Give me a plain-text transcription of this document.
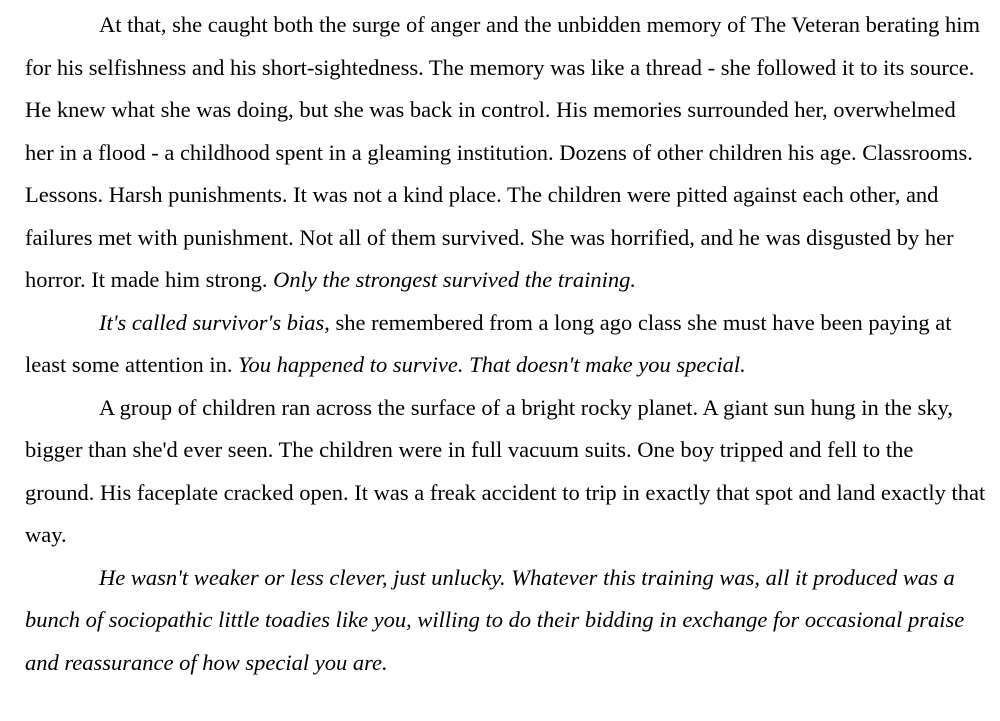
At that, she caught both the surge of anger and the unbidden memory of The Veteran berating him for his selfishness and his short-sightedness. The memory was like a thread - she followed it to its source. He knew what she was doing, but she was back in control. His memories surrounded her, overwhelmed her in a flood - a childhood spent in a gleaming institution. Dozens of other children his age. Classrooms. Lessons. Harsh punishments. It was not a kind place. The children were pitted against each other, and failures met with punishment. Not all of them survived. She was horrified, and he was disgusted by her horror. It made him strong. Only the strongest survived the training.

It's called survivor's bias, she remembered from a long ago class she must have been paying at least some attention in. You happened to survive. That doesn't make you special.

A group of children ran across the surface of a bright rocky planet. A giant sun hung in the sky, bigger than she'd ever seen. The children were in full vacuum suits. One boy tripped and fell to the ground. His faceplate cracked open. It was a freak accident to trip in exactly that spot and land exactly that way.

He wasn't weaker or less clever, just unlucky. Whatever this training was, all it produced was a bunch of sociopathic little toadies like you, willing to do their bidding in exchange for occasional praise and reassurance of how special you are.
